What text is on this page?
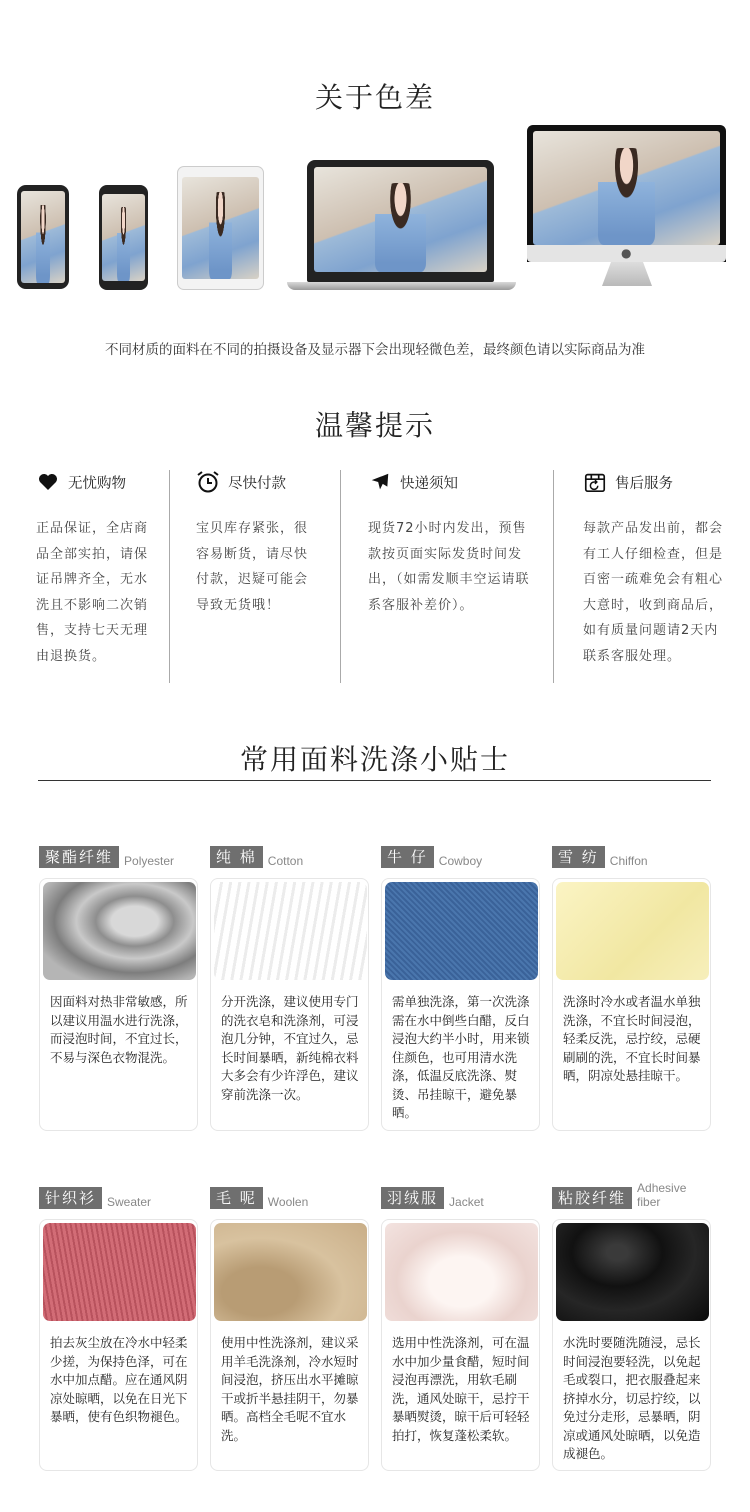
关于色差
●
不同材质的面料在不同的拍摄设备及显示器下会出现轻微色差，最终颜色请以实际商品为准
温馨提示
无忧购物
正品保证，全店商品全部实拍，请保证吊牌齐全，无水洗且不影响二次销售，支持七天无理由退换货。
尽快付款
宝贝库存紧张，很容易断货，请尽快付款，迟疑可能会导致无货哦！
快递须知
现货72小时内发出，预售款按页面实际发货时间发出，（如需发顺丰空运请联系客服补差价）。
售后服务
每款产品发出前，都会有工人仔细检查，但是百密一疏难免会有粗心大意时，收到商品后，如有质量问题请2天内联系客服处理。
常用面料洗涤小贴士
聚酯纤维 Polyester
因面料对热非常敏感，所以建议用温水进行洗涤，而浸泡时间，不宜过长，不易与深色衣物混洗。
纯 棉 Cotton
分开洗涤，建议使用专门的洗衣皂和洗涤剂，可浸泡几分钟，不宜过久，忌长时间暴晒，新纯棉衣料大多会有少许浮色，建议穿前洗涤一次。
牛 仔 Cowboy
需单独洗涤，第一次洗涤需在水中倒些白醋，反白浸泡大约半小时，用来锁住颜色，也可用清水洗涤，低温反底洗涤、熨烫、吊挂晾干，避免暴晒。
雪 纺 Chiffon
洗涤时冷水或者温水单独洗涤，不宜长时间浸泡，轻柔反洗，忌拧绞，忌硬刷刷的洗，不宜长时间暴晒，阴凉处悬挂晾干。
针织衫 Sweater
拍去灰尘放在冷水中轻柔少搓，为保持色泽，可在水中加点醋。应在通风阴凉处晾晒，以免在日光下暴晒，使有色织物褪色。
毛 呢 Woolen
使用中性洗涤剂，建议采用羊毛洗涤剂，冷水短时间浸泡，挤压出水平摊晾干或折半悬挂阴干，勿暴晒。高档全毛呢不宜水洗。
羽绒服 Jacket
选用中性洗涤剂，可在温水中加少量食醋，短时间浸泡再漂洗，用软毛刷洗，通风处晾干，忌拧干暴晒熨烫，晾干后可轻轻拍打，恢复蓬松柔软。
粘胶纤维
Adhesive fiber
水洗时要随洗随浸，忌长时间浸泡要轻洗，以免起毛或裂口，把衣服叠起来挤掉水分，切忌拧绞，以免过分走形，忌暴晒，阴凉或通风处晾晒，以免造成褪色。
